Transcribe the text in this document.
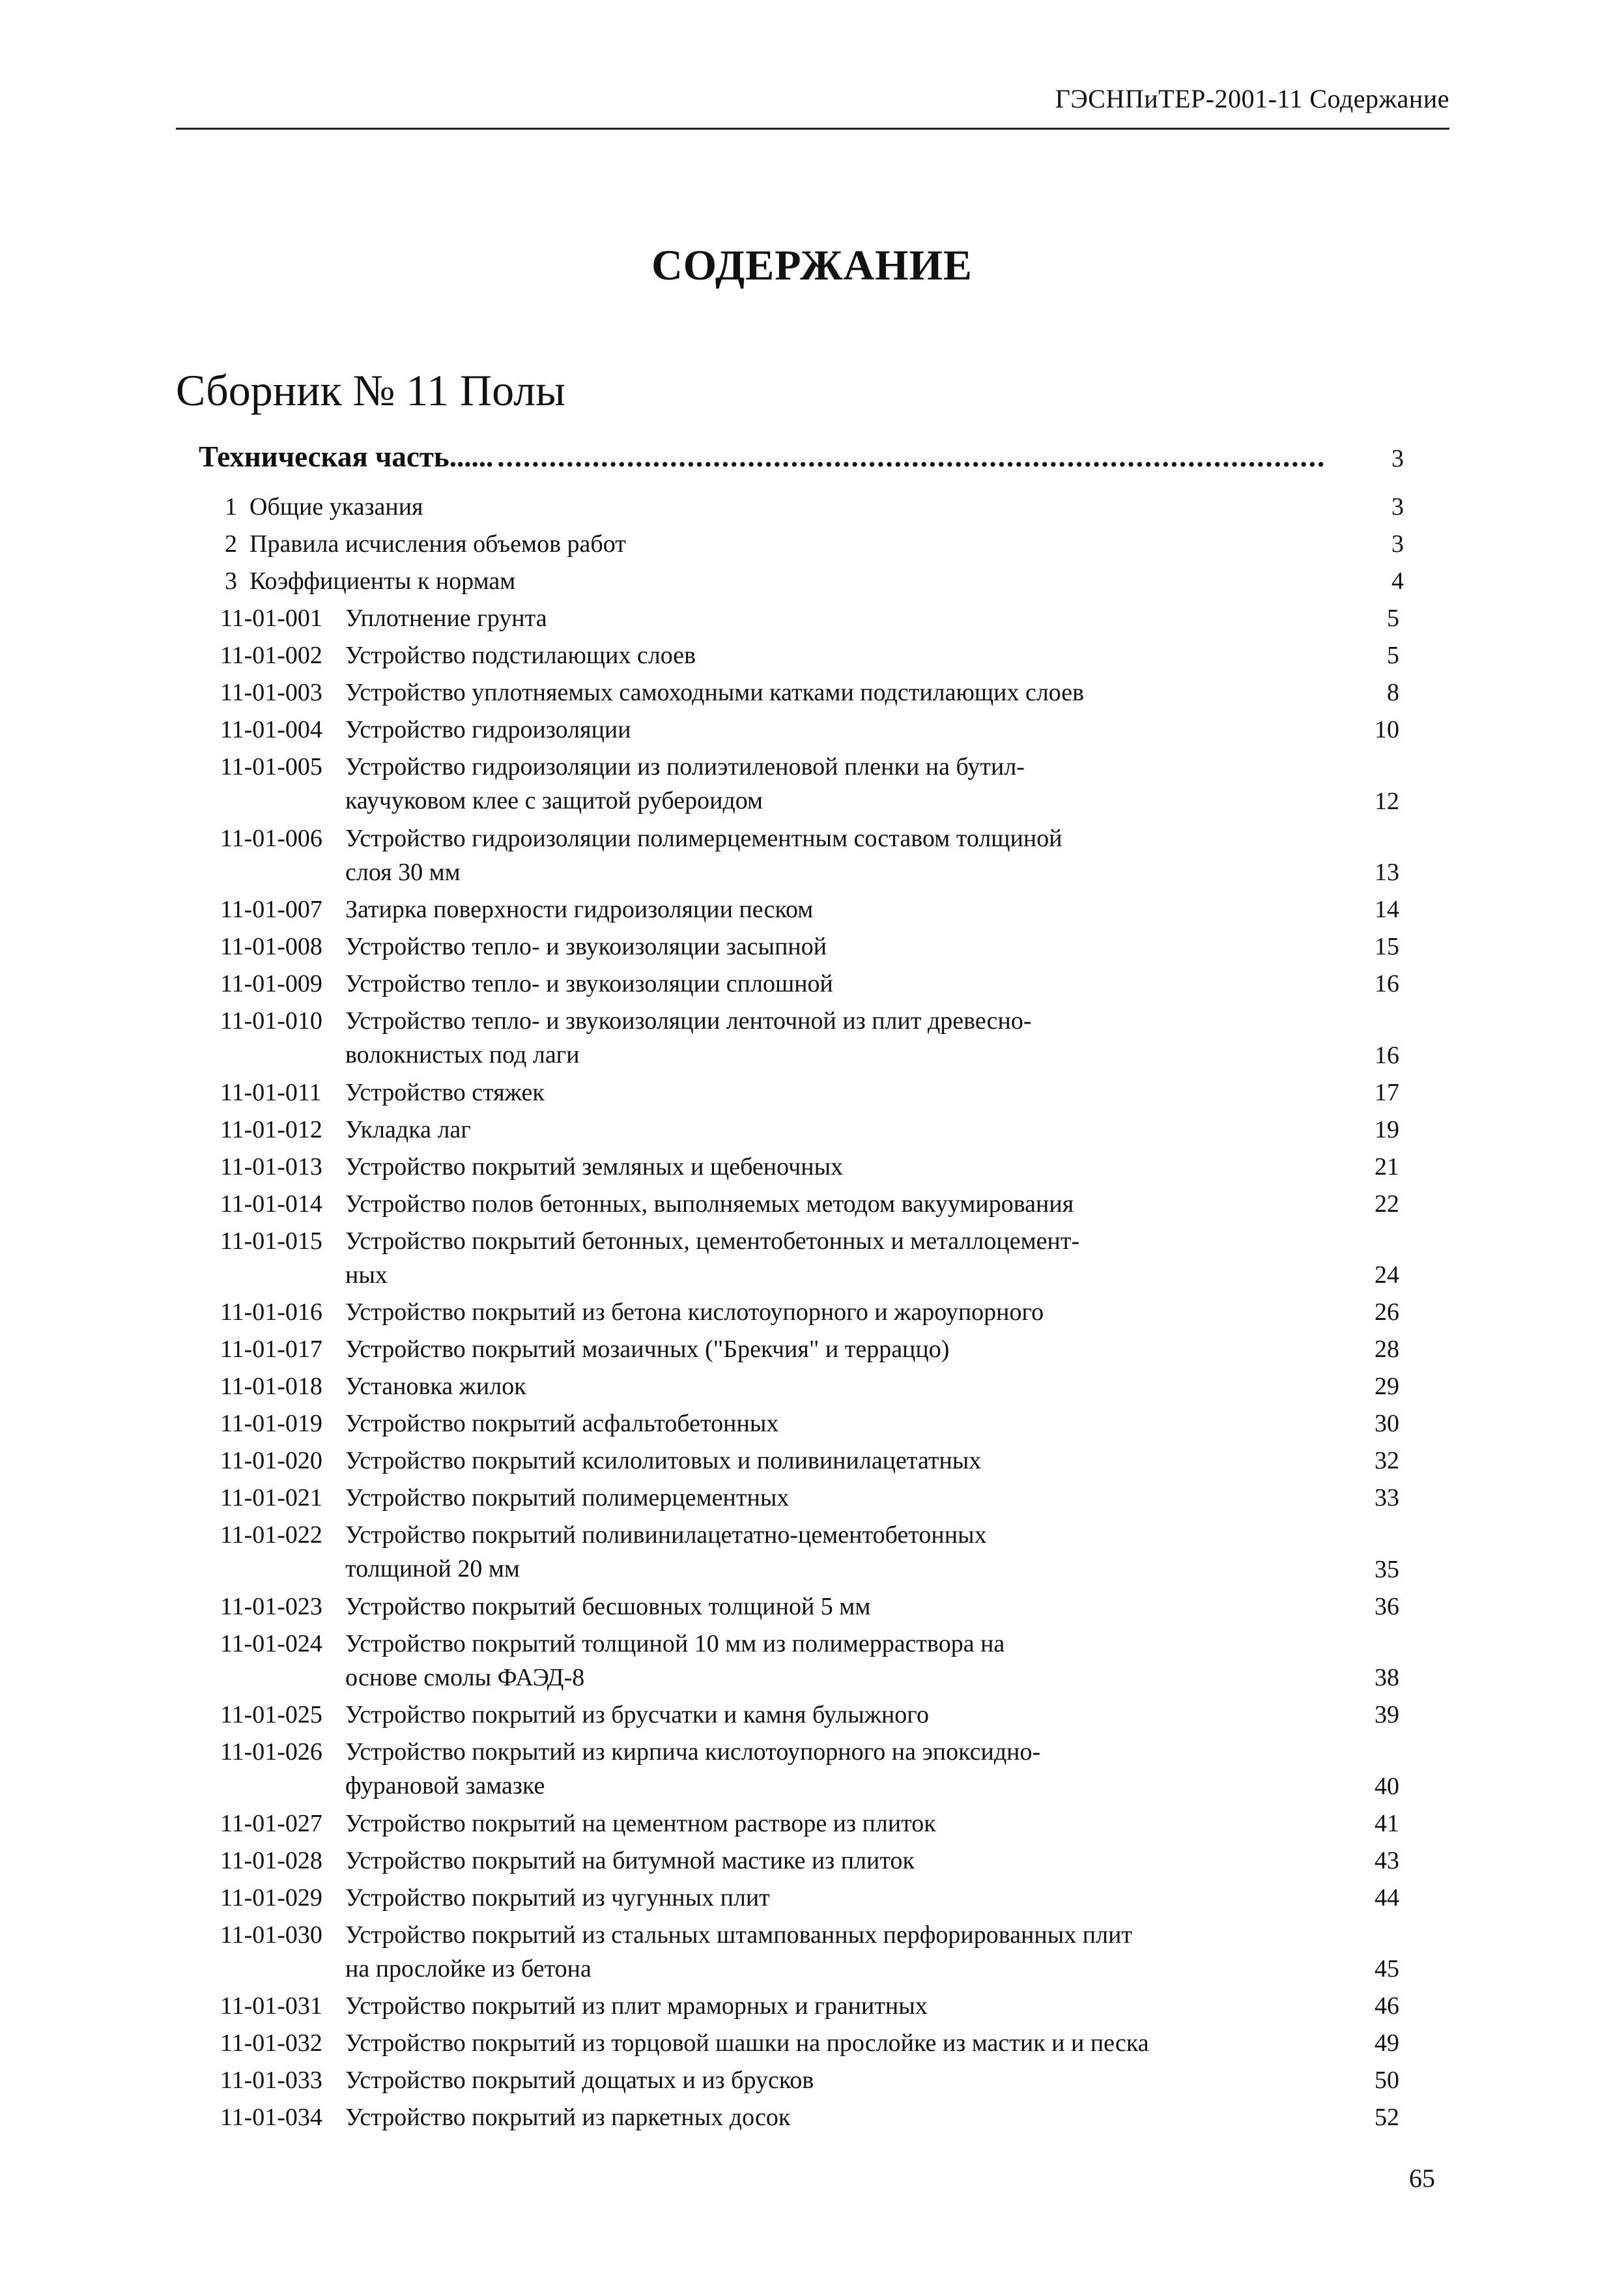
ГЭСНПиТЕР-2001-11 Содержание
СОДЕРЖАНИЕ
Сборник № 11 Полы
Техническая часть...... ................................................................................................	3
1 Общие указания	3
2 Правила исчисления объемов работ	3
3 Коэффициенты к нормам	4
11-01-001 Уплотнение грунта	5
11-01-002 Устройство подстилающих слоев	5
11-01-003 Устройство уплотняемых самоходными катками подстилающих слоев	8
11-01-004 Устройство гидроизоляции	10
11-01-005 Устройство гидроизоляции из полиэтиленовой пленки на бутил-
каучуковом клее с защитой рубероидом	12
11-01-006 Устройство гидроизоляции полимерцементным составом толщиной
слоя 30 мм	13
11-01-007 Затирка поверхности гидроизоляции песком	14
11-01-008 Устройство тепло- и звукоизоляции засыпной	15
11-01-009 Устройство тепло- и звукоизоляции сплошной	16
11-01-010 Устройство тепло- и звукоизоляции ленточной из плит древесно-
волокнистых под лаги	16
11-01-011 Устройство стяжек	17
11-01-012 Укладка лаг	19
11-01-013 Устройство покрытий земляных и щебеночных	21
11-01-014 Устройство полов бетонных, выполняемых методом вакуумирования	22
11-01-015 Устройство покрытий бетонных, цементобетонных и металлоцемент-
ных	24
11-01-016 Устройство покрытий из бетона кислотоупорного и жароупорного	26
11-01-017 Устройство покрытий мозаичных ("Брекчия" и терраццо)	28
11-01-018 Установка жилок	29
11-01-019 Устройство покрытий асфальтобетонных	30
11-01-020 Устройство покрытий ксилолитовых и поливинилацетатных	32
11-01-021 Устройство покрытий полимерцементных	33
11-01-022 Устройство покрытий поливинилацетатно-цементобетонных
толщиной 20 мм	35
11-01-023 Устройство покрытий бесшовных толщиной 5 мм	36
11-01-024 Устройство покрытий толщиной 10 мм из полимерраствора на
основе смолы ФАЭД-8	38
11-01-025 Устройство покрытий из брусчатки и камня булыжного	39
11-01-026 Устройство покрытий из кирпича кислотоупорного на эпоксидно-
фурановой замазке	40
11-01-027 Устройство покрытий на цементном растворе из плиток	41
11-01-028 Устройство покрытий на битумной мастике из плиток	43
11-01-029 Устройство покрытий из чугунных плит	44
11-01-030 Устройство покрытий из стальных штампованных перфорированных плит
на прослойке из бетона	45
11-01-031 Устройство покрытий из плит мраморных и гранитных	46
11-01-032 Устройство покрытий из торцовой шашки на прослойке из мастик и и песка	49
11-01-033 Устройство покрытий дощатых и из брусков	50
11-01-034 Устройство покрытий из паркетных досок	52
65
